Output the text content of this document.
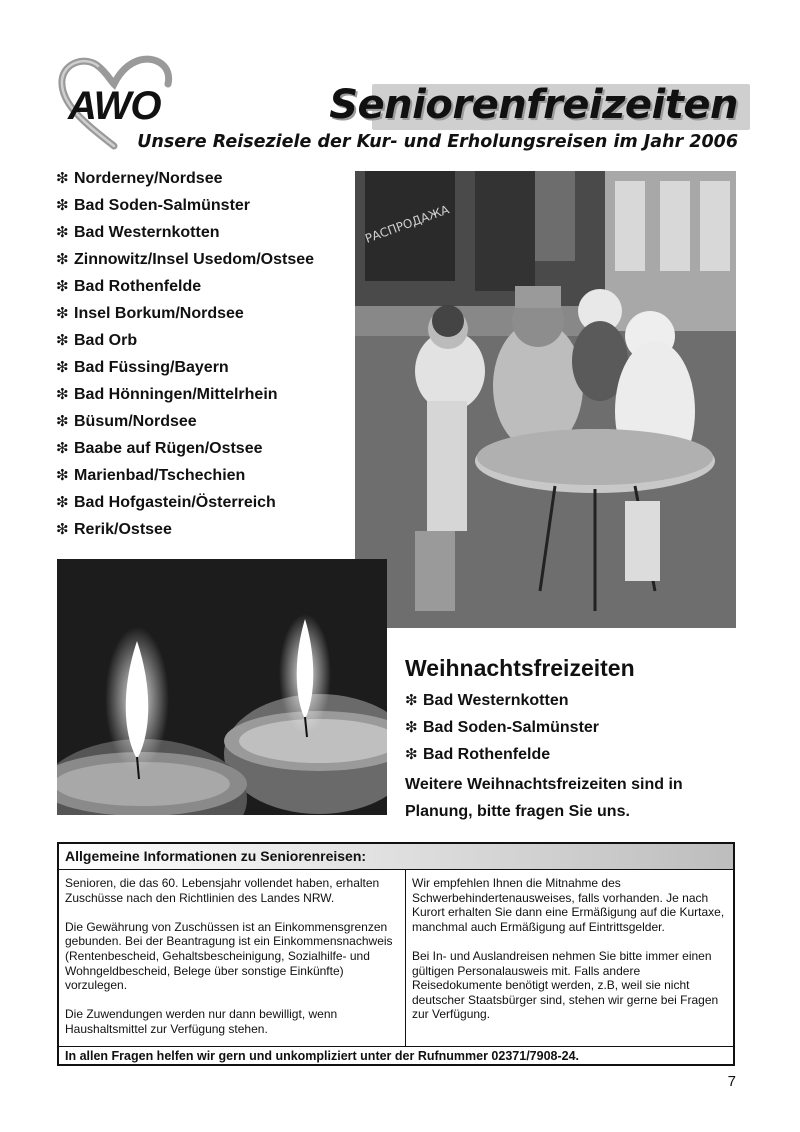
AWO	Seniorenfreizeiten
Unsere Reiseziele der Kur- und Erholungsreisen im Jahr 2006
❇ Norderney/Nordsee
❇ Bad Soden-Salmünster
❇ Bad Westernkotten
❇ Zinnowitz/Insel Usedom/Ostsee
❇ Bad Rothenfelde
❇ Insel Borkum/Nordsee
❇ Bad Orb
❇ Bad Füssing/Bayern
❇ Bad Hönningen/Mittelrhein
❇ Büsum/Nordsee
❇ Baabe auf Rügen/Ostsee
❇ Marienbad/Tschechien
❇ Bad Hofgastein/Österreich
❇ Rerik/Ostsee
РАСПРОДАЖА
Weihnachtsfreizeiten
❇ Bad Westernkotten
❇ Bad Soden-Salmünster
❇ Bad Rothenfelde
Weitere Weihnachtsfreizeiten sind in Planung, bitte fragen Sie uns.
Allgemeine Informationen zu Seniorenreisen:

Senioren, die das 60. Lebensjahr vollendet haben, erhalten Zuschüsse nach den Richtlinien des Landes NRW.

Die Gewährung von Zuschüssen ist an Einkommensgrenzen gebunden. Bei der Beantragung ist ein Einkommensnachweis (Rentenbescheid, Gehaltsbescheinigung, Sozialhilfe- und Wohngeldbescheid, Belege über sonstige Einkünfte) vorzulegen.

Die Zuwendungen werden nur dann bewilligt, wenn Haushaltsmittel zur Verfügung stehen.

Wir empfehlen Ihnen die Mitnahme des Schwerbehindertenausweises, falls vorhanden. Je nach Kurort erhalten Sie dann eine Ermäßigung auf die Kurtaxe, manchmal auch Ermäßigung auf Eintrittsgelder.

Bei In- und Auslandreisen nehmen Sie bitte immer einen gültigen Personalausweis mit. Falls andere Reisedokumente benötigt werden, z.B, weil sie nicht deutscher Staatsbürger sind, stehen wir gerne bei Fragen zur Verfügung.

In allen Fragen helfen wir gern und unkompliziert unter der Rufnummer 02371/7908-24.
7
